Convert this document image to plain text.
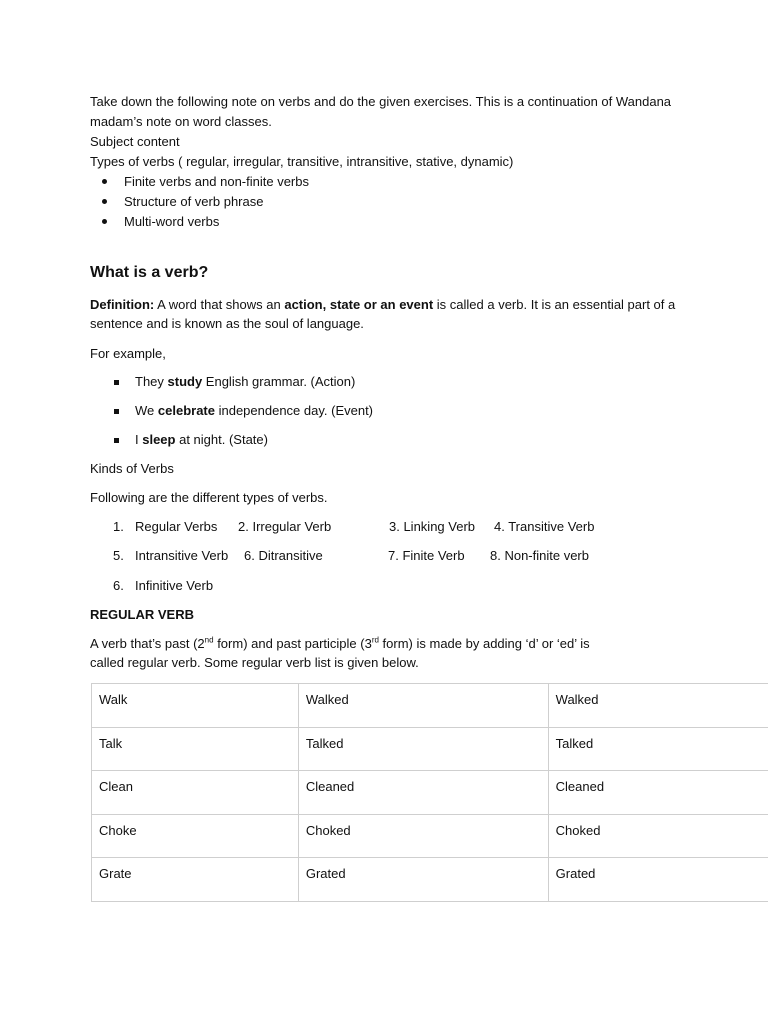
Take down the following note on verbs and do the given exercises. This is a continuation of Wandana
madam’s note on word classes.
Subject content
Types of verbs ( regular, irregular, transitive, intransitive, stative, dynamic)
Finite verbs and non-finite verbs
Structure of verb phrase
Multi-word verbs
What is a verb?
Definition: A word that shows an action, state or an event is called a verb. It is an essential part of a
sentence and is known as the soul of language.
For example,
They study English grammar. (Action)
We celebrate independence day. (Event)
I sleep at night. (State)
Kinds of Verbs
Following are the different types of verbs.
1. Regular Verbs 2. Irregular Verb	3. Linking Verb 4. Transitive Verb
5. Intransitive Verb 6. Ditransitive	7. Finite Verb 8. Non-finite verb
6. Infinitive Verb
REGULAR VERB
A verb that’s past (2nd form) and past participle (3rd form) is made by adding ‘d’ or ‘ed’ is
called regular verb. Some regular verb list is given below.
Walk	Walked	Walked
Talk	Talked	Talked
Clean	Cleaned	Cleaned
Choke	Choked	Choked
Grate	Grated	Grated
